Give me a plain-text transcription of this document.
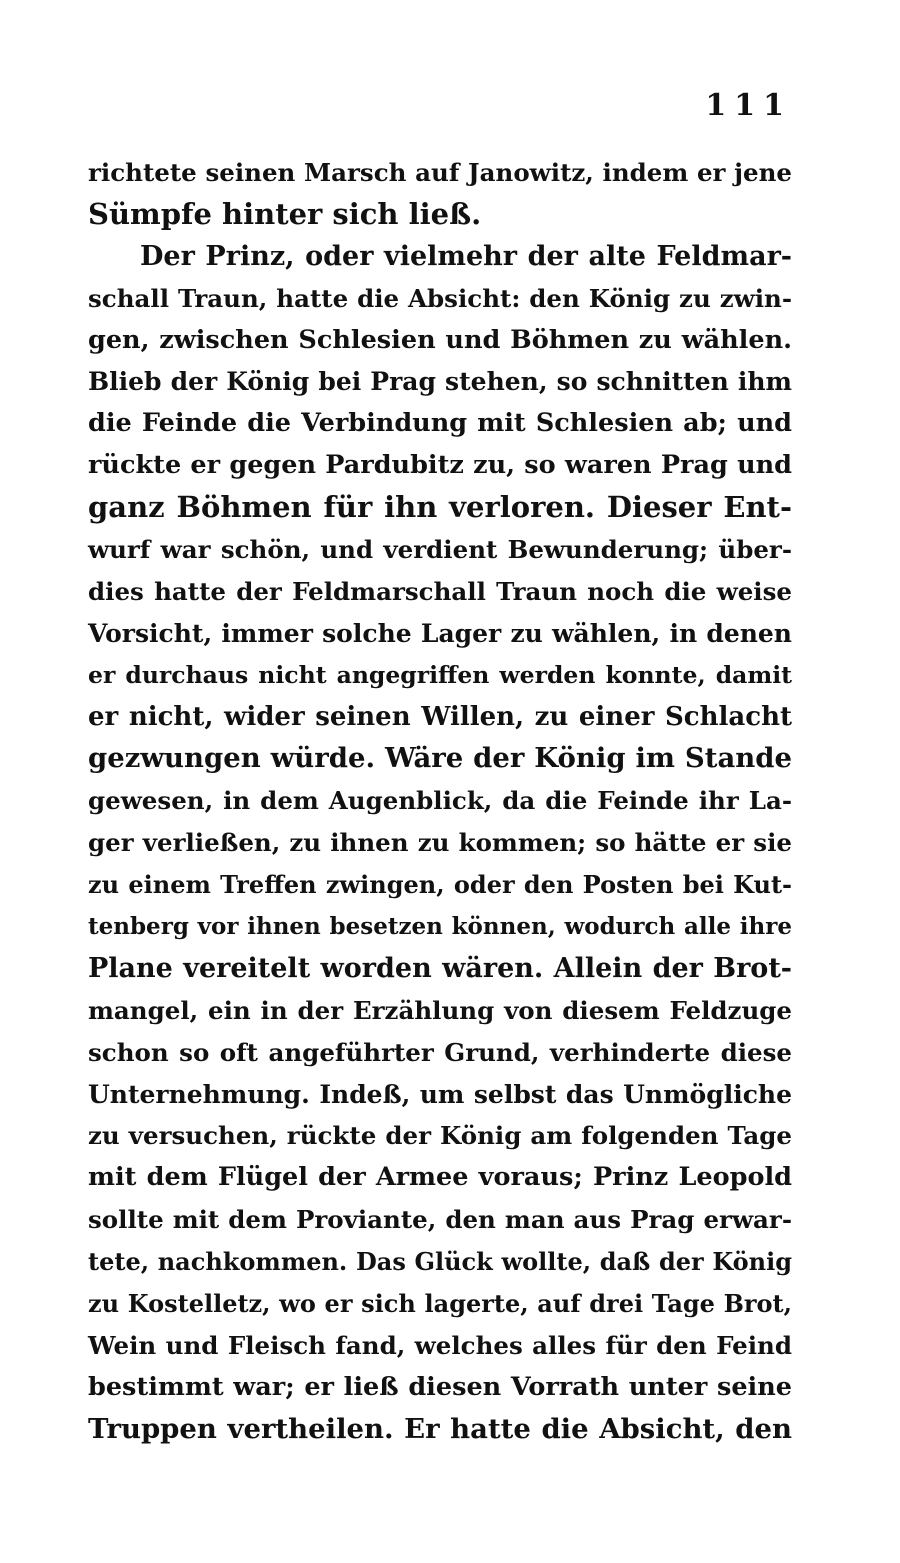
111
richtete seinen Marsch auf Janowitz, indem er jene
Sümpfe hinter sich ließ.
Der Prinz, oder vielmehr der alte Feldmar-
schall Traun, hatte die Absicht: den König zu zwin-
gen, zwischen Schlesien und Böhmen zu wählen.
Blieb der König bei Prag stehen, so schnitten ihm
die Feinde die Verbindung mit Schlesien ab; und
rückte er gegen Pardubitz zu, so waren Prag und
ganz Böhmen für ihn verloren. Dieser Ent-
wurf war schön, und verdient Bewunderung; über-
dies hatte der Feldmarschall Traun noch die weise
Vorsicht, immer solche Lager zu wählen, in denen
er durchaus nicht angegriffen werden konnte, damit
er nicht, wider seinen Willen, zu einer Schlacht
gezwungen würde. Wäre der König im Stande
gewesen, in dem Augenblick, da die Feinde ihr La-
ger verließen, zu ihnen zu kommen; so hätte er sie
zu einem Treffen zwingen, oder den Posten bei Kut-
tenberg vor ihnen besetzen können, wodurch alle ihre
Plane vereitelt worden wären. Allein der Brot-
mangel, ein in der Erzählung von diesem Feldzuge
schon so oft angeführter Grund, verhinderte diese
Unternehmung. Indeß, um selbst das Unmögliche
zu versuchen, rückte der König am folgenden Tage
mit dem Flügel der Armee voraus; Prinz Leopold
sollte mit dem Proviante, den man aus Prag erwar-
tete, nachkommen. Das Glück wollte, daß der König
zu Kostelletz, wo er sich lagerte, auf drei Tage Brot,
Wein und Fleisch fand, welches alles für den Feind
bestimmt war; er ließ diesen Vorrath unter seine
Truppen vertheilen. Er hatte die Absicht, den
